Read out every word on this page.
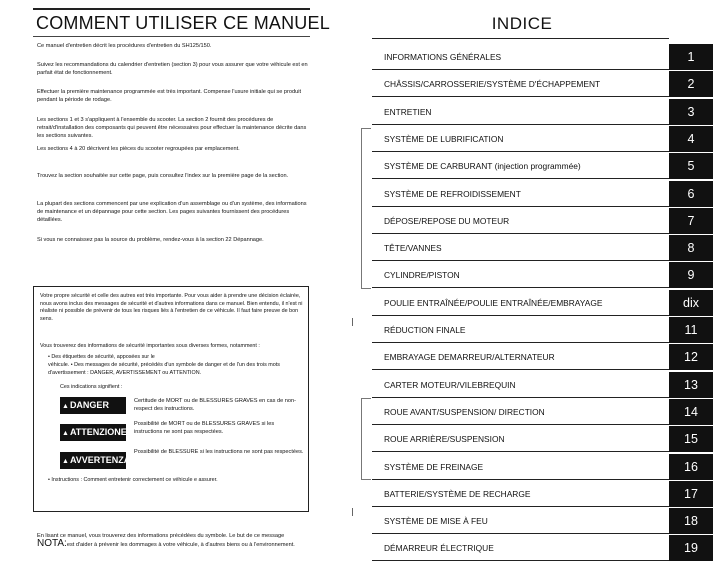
COMMENT UTILISER CE MANUEL
Ce manuel d'entretien décrit les procédures d'entretien du SH125/150.
Suivez les recommandations du calendrier d'entretien (section 3) pour vous assurer que votre véhicule est en parfait état de fonctionnement.
Effectuer la première maintenance programmée est très important. Compense l'usure initiale qui se produit pendant la période de rodage.
Les sections 1 et 3 s'appliquent à l'ensemble du scooter. La section 2 fournit des procédures de retrait/d'installation des composants qui peuvent être nécessaires pour effectuer la maintenance décrite dans les sections suivantes.
Les sections 4 à 20 décrivent les pièces du scooter regroupées par emplacement.
Trouvez la section souhaitée sur cette page, puis consultez l'index sur la première page de la section.
La plupart des sections commencent par une explication d'un assemblage ou d'un système, des informations de maintenance et un dépannage pour cette section. Les pages suivantes fournissent des procédures détaillées.
Si vous ne connaissez pas la source du problème, rendez-vous à la section 22 Dépannage.
Votre propre sécurité et celle des autres est très importante. Pour vous aider à prendre une décision éclairée, nous avons inclus des messages de sécurité et d'autres informations dans ce manuel. Bien entendu, il n'est ni réaliste ni possible de prévenir de tous les risques liés à l'entretien de ce véhicule. Il faut faire preuve de bon sens.
Vous trouverez des informations de sécurité importantes sous diverses formes, notamment :
• Des étiquettes de sécurité, apposées sur le
véhicule. • Des messages de sécurité, précédés d'un symbole de danger et de l'un des trois mots d'avertissement : DANGER, AVERTISSEMENT ou ATTENTION.
Ces indications signifient :
▲DANGER	Certitude de MORT ou de BLESSURES GRAVES en cas de non-respect des instructions.
▲ATTENZIONE
Possibilité de MORT ou de BLESSURES GRAVES si les instructions ne sont pas respectées.
▲AVVERTENZA
Possibilité de BLESSURE si les instructions ne sont pas respectées.
• Instructions : Comment entretenir correctement ce véhicule e assurer.
En lisant ce manuel, vous trouverez des informations précédées du symbole. Le but de ce message
NOTA:est d'aider à prévenir les dommages à votre véhicule, à d'autres biens ou à l'environnement.
INDICE
INFORMATIONS GÉNÉRALES	1
CHÂSSIS/CARROSSERIE/SYSTÈME D'ÉCHAPPEMENT	2
ENTRETIEN	3
SYSTÈME DE LUBRIFICATION	4
SYSTÈME DE CARBURANT (injection programmée)	5
SYSTÈME DE REFROIDISSEMENT	6
DÉPOSE/REPOSE DU MOTEUR	7
TÊTE/VANNES	8
CYLINDRE/PISTON	9
POULIE ENTRAÎNÉE/POULIE ENTRAÎNÉE/EMBRAYAGE	dix
RÉDUCTION FINALE	11
EMBRAYAGE DEMARREUR/ALTERNATEUR	12
CARTER MOTEUR/VILEBREQUIN	13
ROUE AVANT/SUSPENSION/ DIRECTION	14
ROUE ARRIÈRE/SUSPENSION	15
SYSTÈME DE FREINAGE	16
BATTERIE/SYSTÈME DE RECHARGE	17
SYSTÈME DE MISE À FEU	18
DÉMARREUR ÉLECTRIQUE	19
